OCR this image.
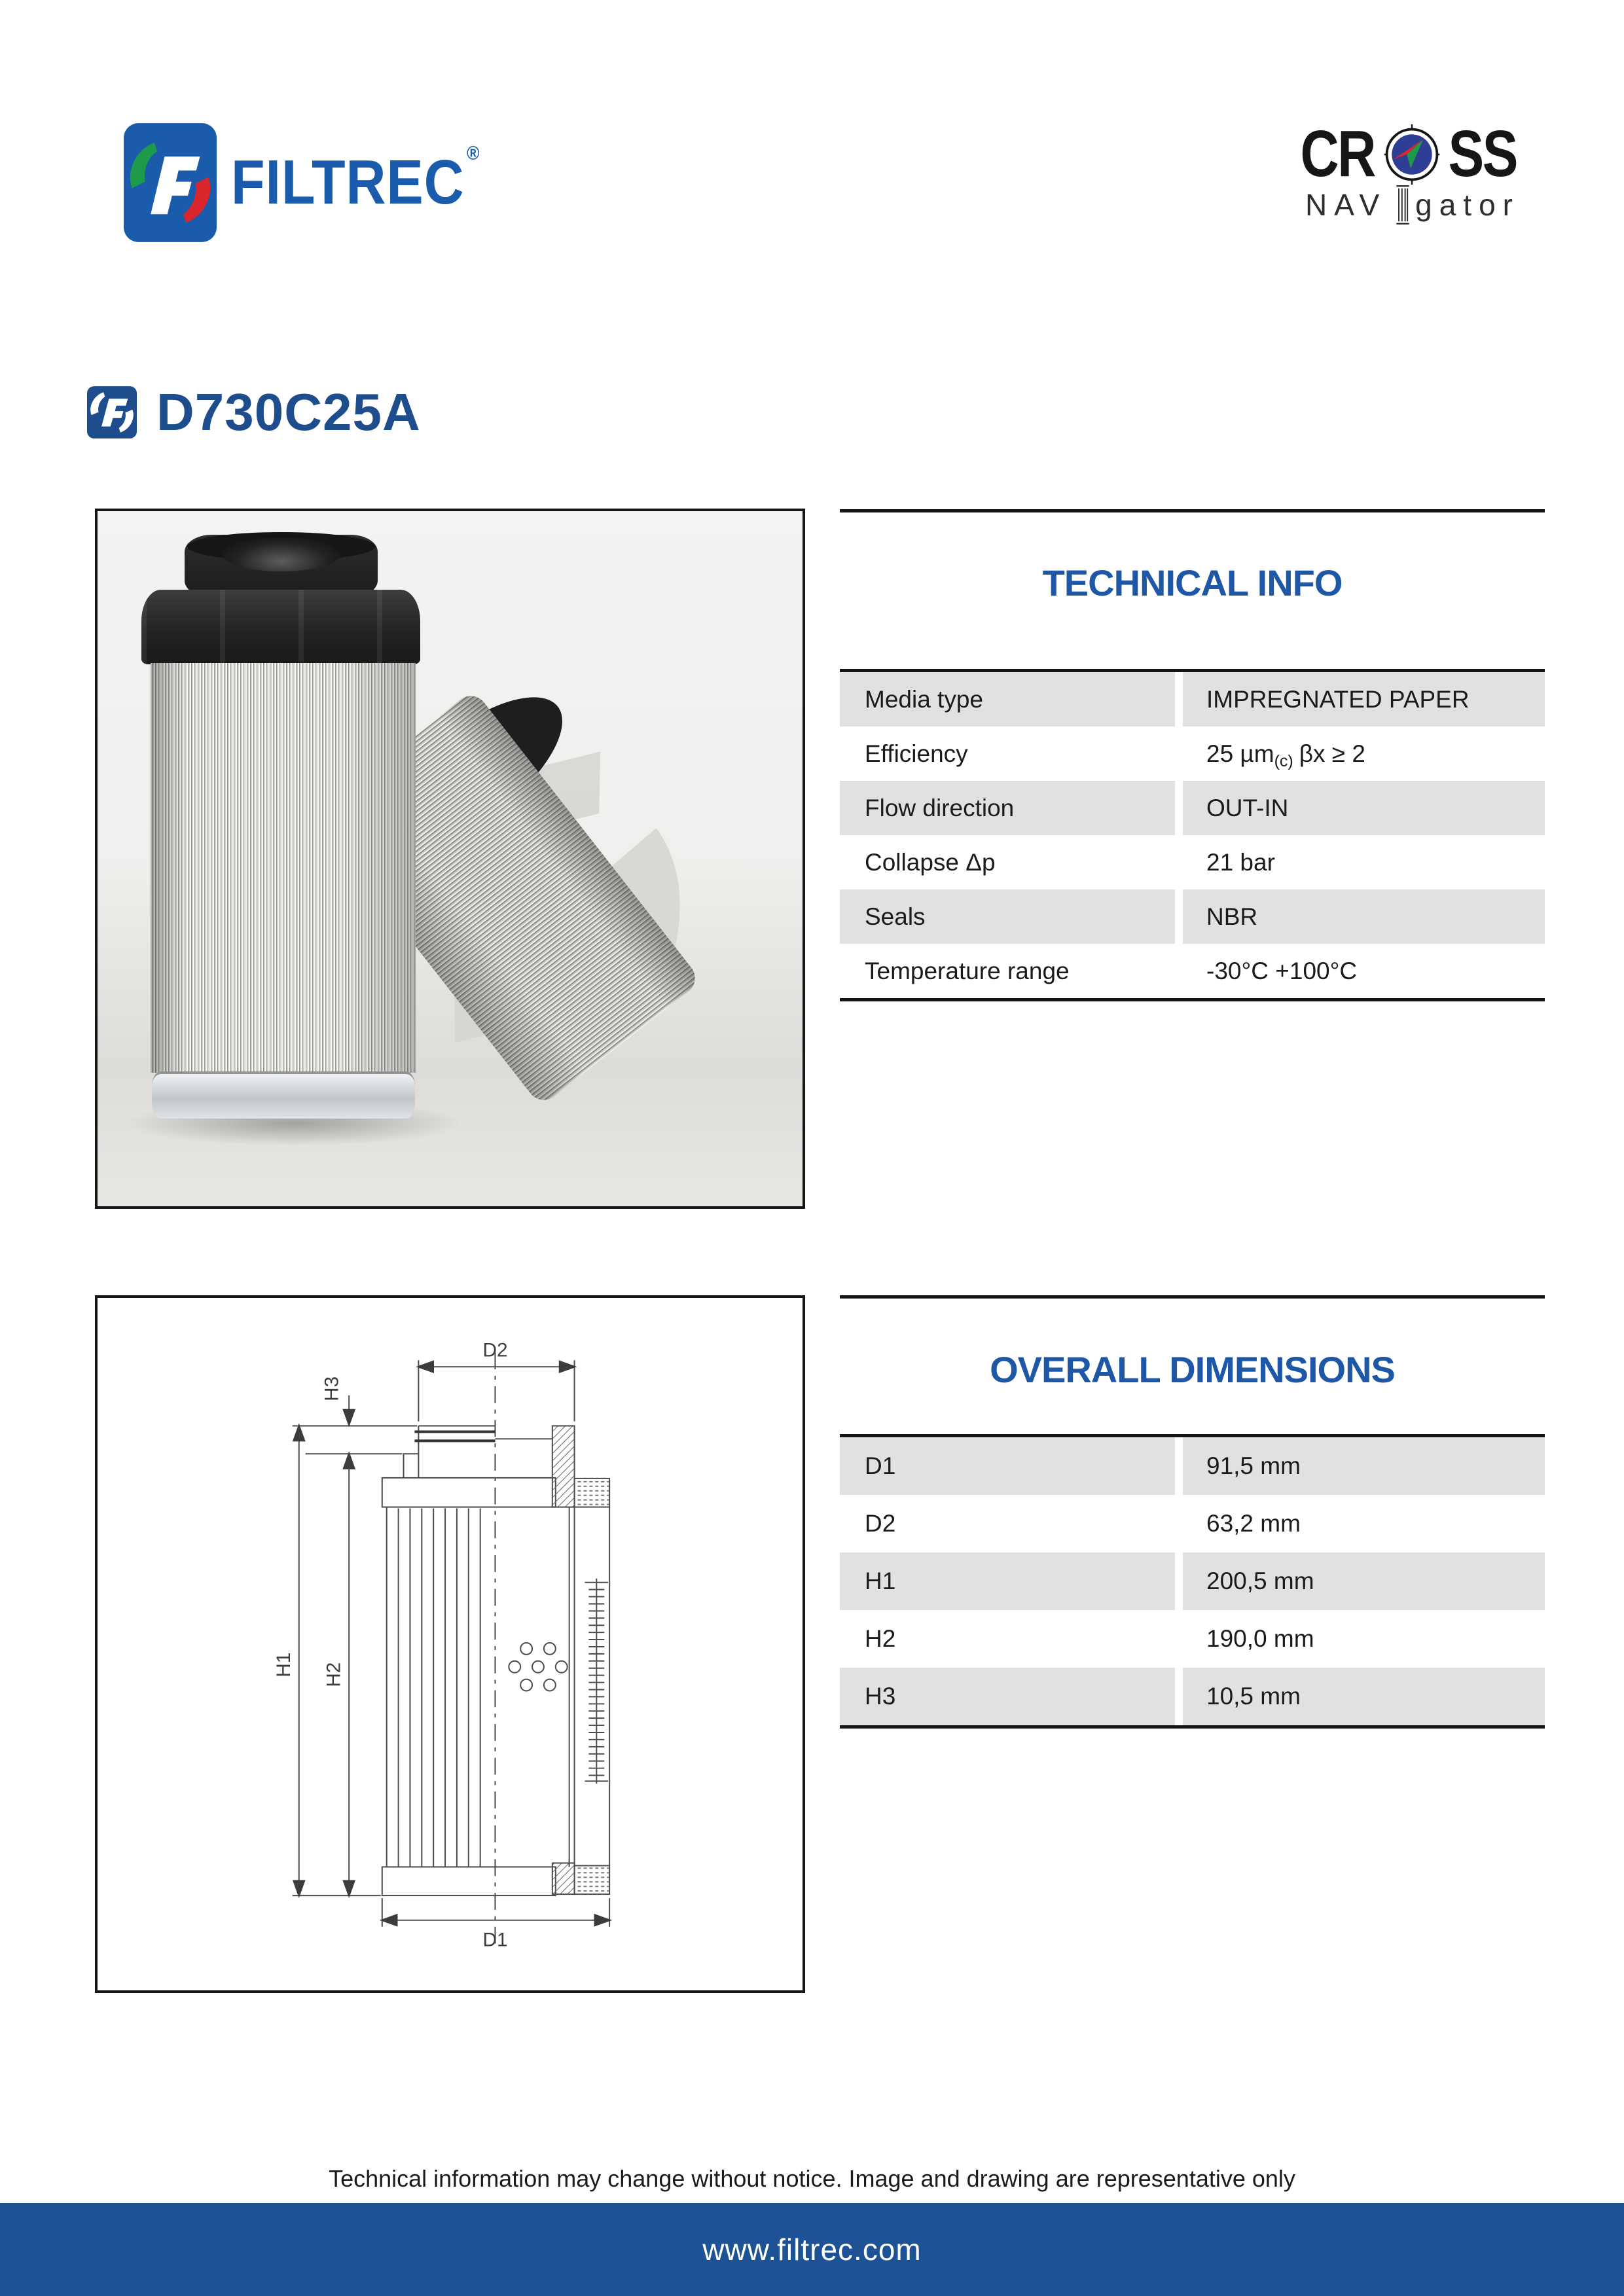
FILTREC ®	CR SS
NAV gator
D730C25A
TECHNICAL INFO
Media type	IMPREGNATED PAPER
Efficiency	25 µm (c) βx ≥ 2
Flow direction	OUT-IN
Collapse Δp	21 bar
Seals	NBR
Temperature range	-30°C +100°C
D2
H3
H1 H2
D1
OVERALL DIMENSIONS
D1	91,5 mm
D2	63,2 mm
H1	200,5 mm
H2	190,0 mm
H3	10,5 mm
Technical information may change without notice. Image and drawing are representative only
www.filtrec.com
